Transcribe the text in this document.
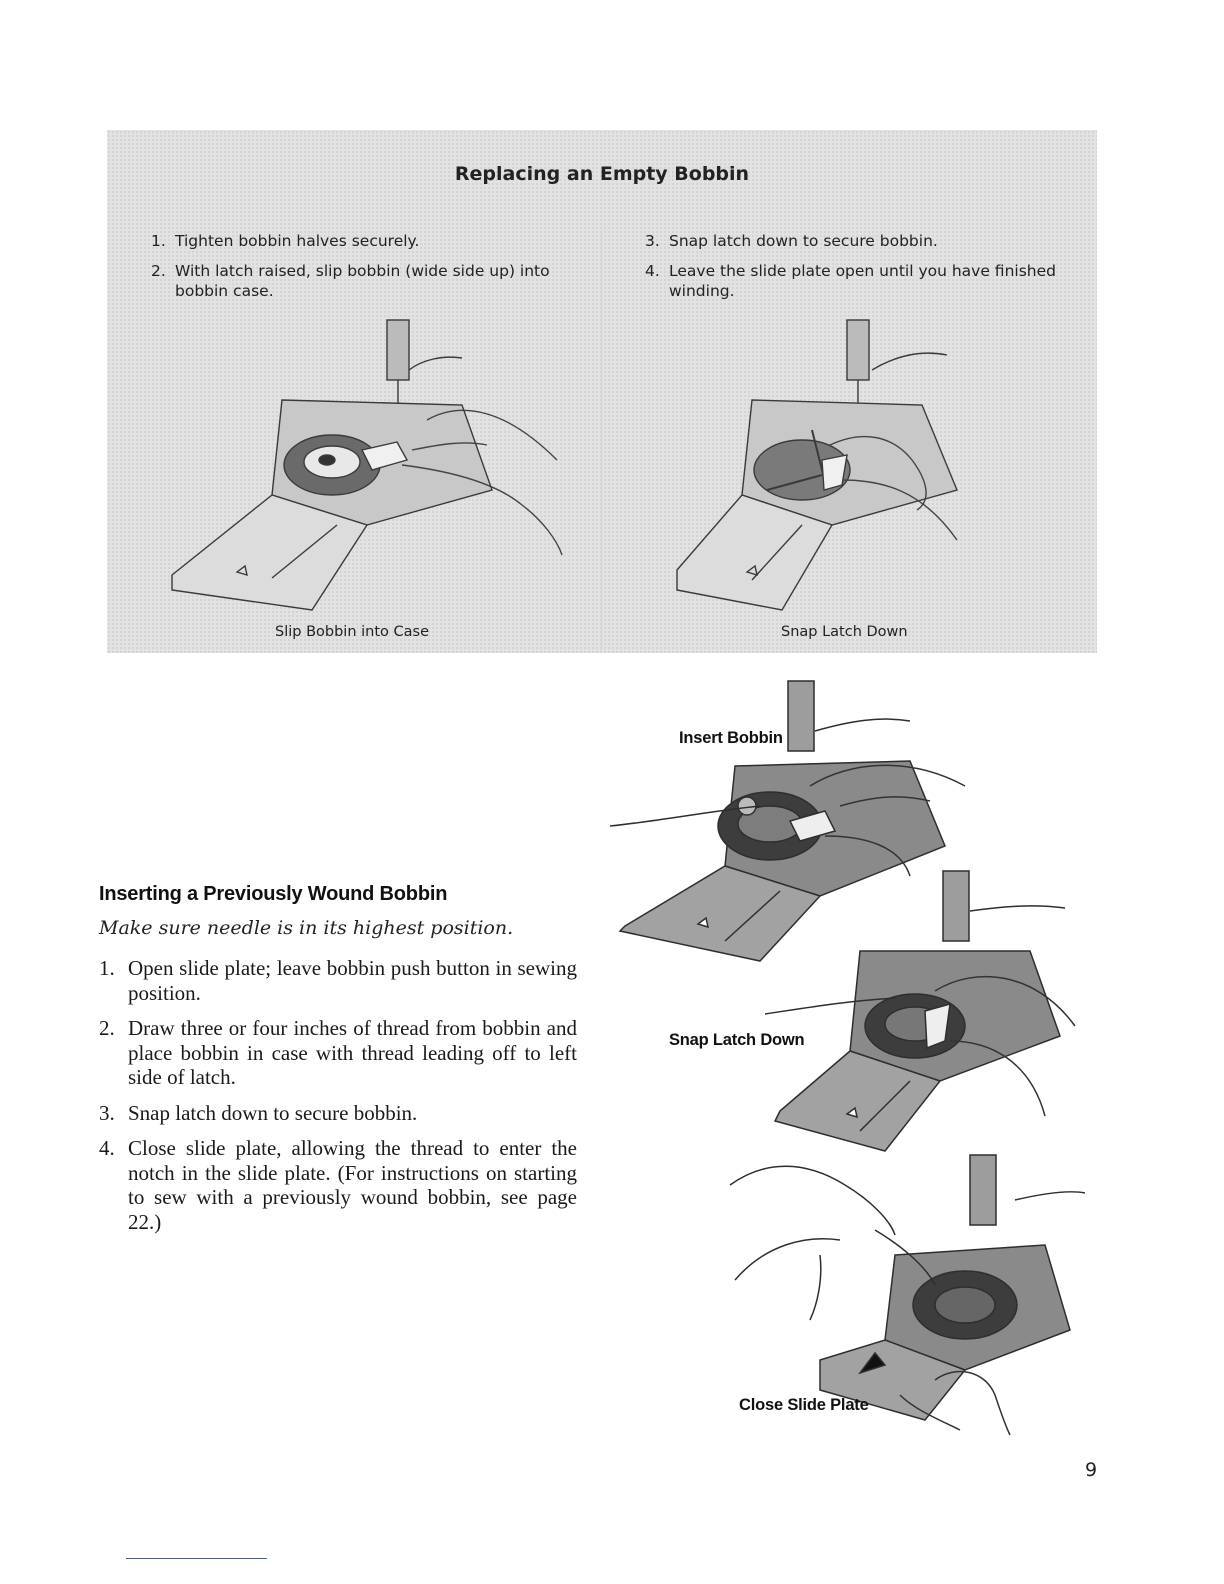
Replacing an Empty Bobbin
1. Tighten bobbin halves securely.
2. With latch raised, slip bobbin (wide side up) into bobbin case.
3. Snap latch down to secure bobbin.
4. Leave the slide plate open until you have finished winding.
Slip Bobbin into Case	Snap Latch Down
Inserting a Previously Wound Bobbin
Make sure needle is in its highest position.
1. Open slide plate; leave bobbin push button in sewing position.
2. Draw three or four inches of thread from bobbin and place bobbin in case with thread leading off to left side of latch.
3. Snap latch down to secure bobbin.
4. Close slide plate, allowing the thread to enter the notch in the slide plate. (For instructions on starting to sew with a previously wound bobbin, see page 22.)
Insert Bobbin
Snap Latch Down
Close Slide Plate
9
